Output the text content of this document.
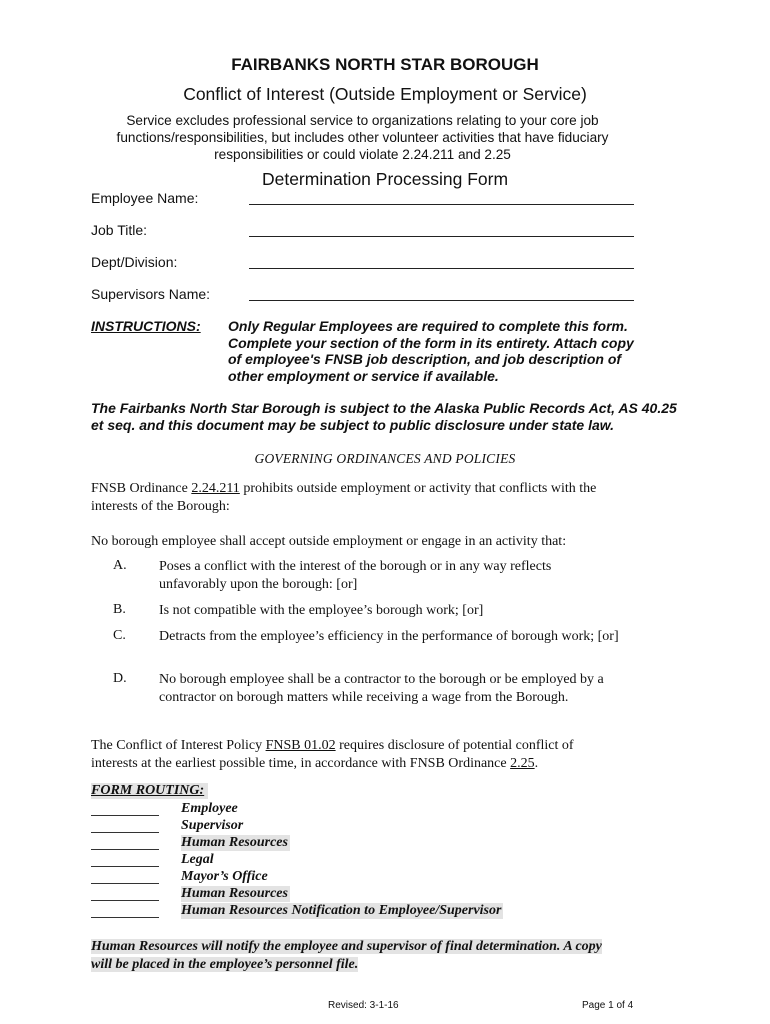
FAIRBANKS NORTH STAR BOROUGH
Conflict of Interest (Outside Employment or Service)
Service excludes professional service to organizations relating to your core job functions/responsibilities, but includes other volunteer activities that have fiduciary responsibilities or could violate 2.24.211 and 2.25
Determination Processing Form
Employee Name:
Job Title:
Dept/Division:
Supervisors Name:
INSTRUCTIONS: Only Regular Employees are required to complete this form. Complete your section of the form in its entirety. Attach copy of employee's FNSB job description, and job description of other employment or service if available.
The Fairbanks North Star Borough is subject to the Alaska Public Records Act, AS 40.25 et seq. and this document may be subject to public disclosure under state law.
GOVERNING ORDINANCES AND POLICIES
FNSB Ordinance 2.24.211 prohibits outside employment or activity that conflicts with the interests of the Borough:
No borough employee shall accept outside employment or engage in an activity that:
A. Poses a conflict with the interest of the borough or in any way reflects unfavorably upon the borough: [or]
B. Is not compatible with the employee’s borough work; [or]
C. Detracts from the employee’s efficiency in the performance of borough work; [or]
D. No borough employee shall be a contractor to the borough or be employed by a contractor on borough matters while receiving a wage from the Borough.
The Conflict of Interest Policy FNSB 01.02 requires disclosure of potential conflict of interests at the earliest possible time, in accordance with FNSB Ordinance 2.25.
FORM ROUTING:
Employee
Supervisor
Human Resources
Legal
Mayor’s Office
Human Resources
Human Resources Notification to Employee/Supervisor
Human Resources will notify the employee and supervisor of final determination. A copy will be placed in the employee’s personnel file.
Revised: 3-1-16	Page 1 of 4
